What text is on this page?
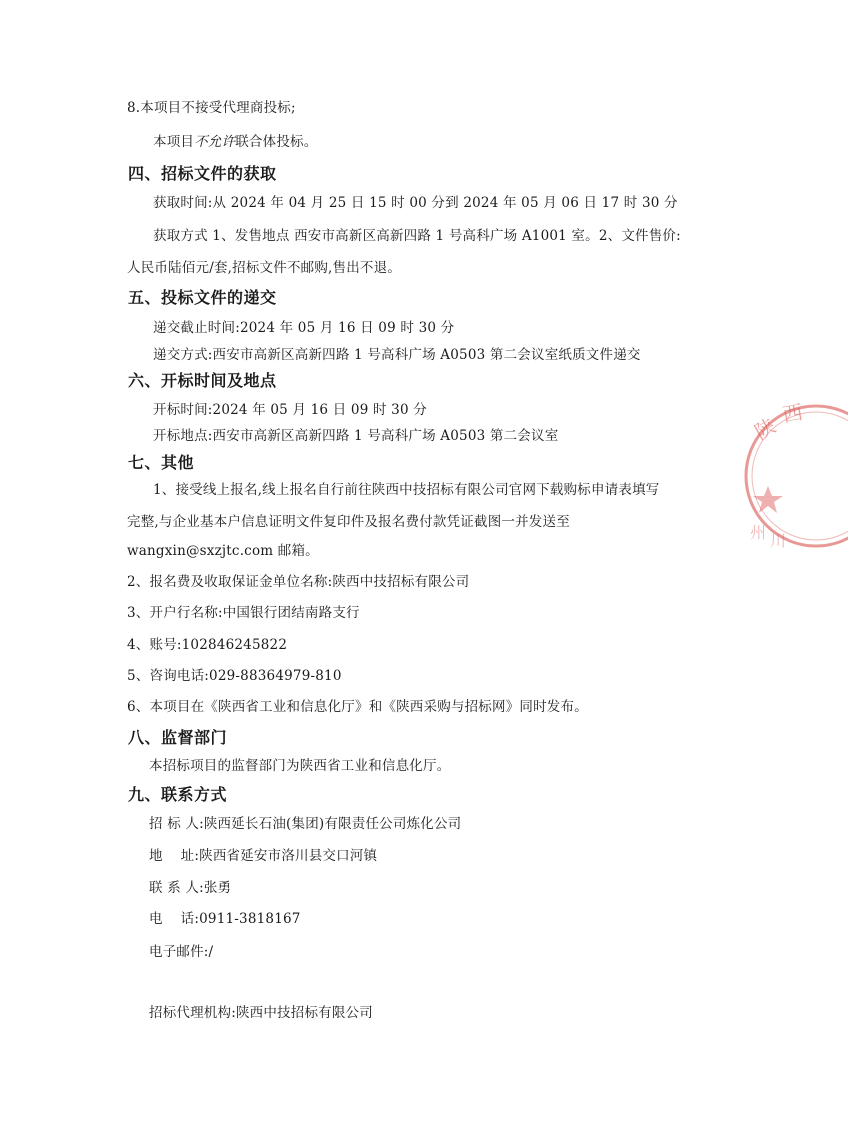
8.本项目不接受代理商投标;
本项目不允许联合体投标。
四、招标文件的获取
获取时间:从 2024 年 04 月 25 日 15 时 00 分到 2024 年 05 月 06 日 17 时 30 分
获取方式 1、发售地点 西安市高新区高新四路 1 号高科广场 A1001 室。2、文件售价:
人民币陆佰元/套,招标文件不邮购,售出不退。
五、投标文件的递交
递交截止时间:2024 年 05 月 16 日 09 时 30 分
递交方式:西安市高新区高新四路 1 号高科广场 A0503 第二会议室纸质文件递交
六、开标时间及地点
开标时间:2024 年 05 月 16 日 09 时 30 分
开标地点:西安市高新区高新四路 1 号高科广场 A0503 第二会议室
七、其他
1、接受线上报名,线上报名自行前往陕西中技招标有限公司官网下载购标申请表填写
完整,与企业基本户信息证明文件复印件及报名费付款凭证截图一并发送至
wangxin@sxzjtc.com 邮箱。
2、报名费及收取保证金单位名称:陕西中技招标有限公司
3、开户行名称:中国银行团结南路支行
4、账号:102846245822
5、咨询电话:029-88364979-810
6、本项目在《陕西省工业和信息化厅》和《陕西采购与招标网》同时发布。
八、监督部门
本招标项目的监督部门为陕西省工业和信息化厅。
九、联系方式
招 标 人:陕西延长石油(集团)有限责任公司炼化公司
地    址:陕西省延安市洛川县交口河镇
联 系 人:张勇
电    话:0911-3818167
电子邮件:/
招标代理机构:陕西中技招标有限公司
陕
西
州 川
